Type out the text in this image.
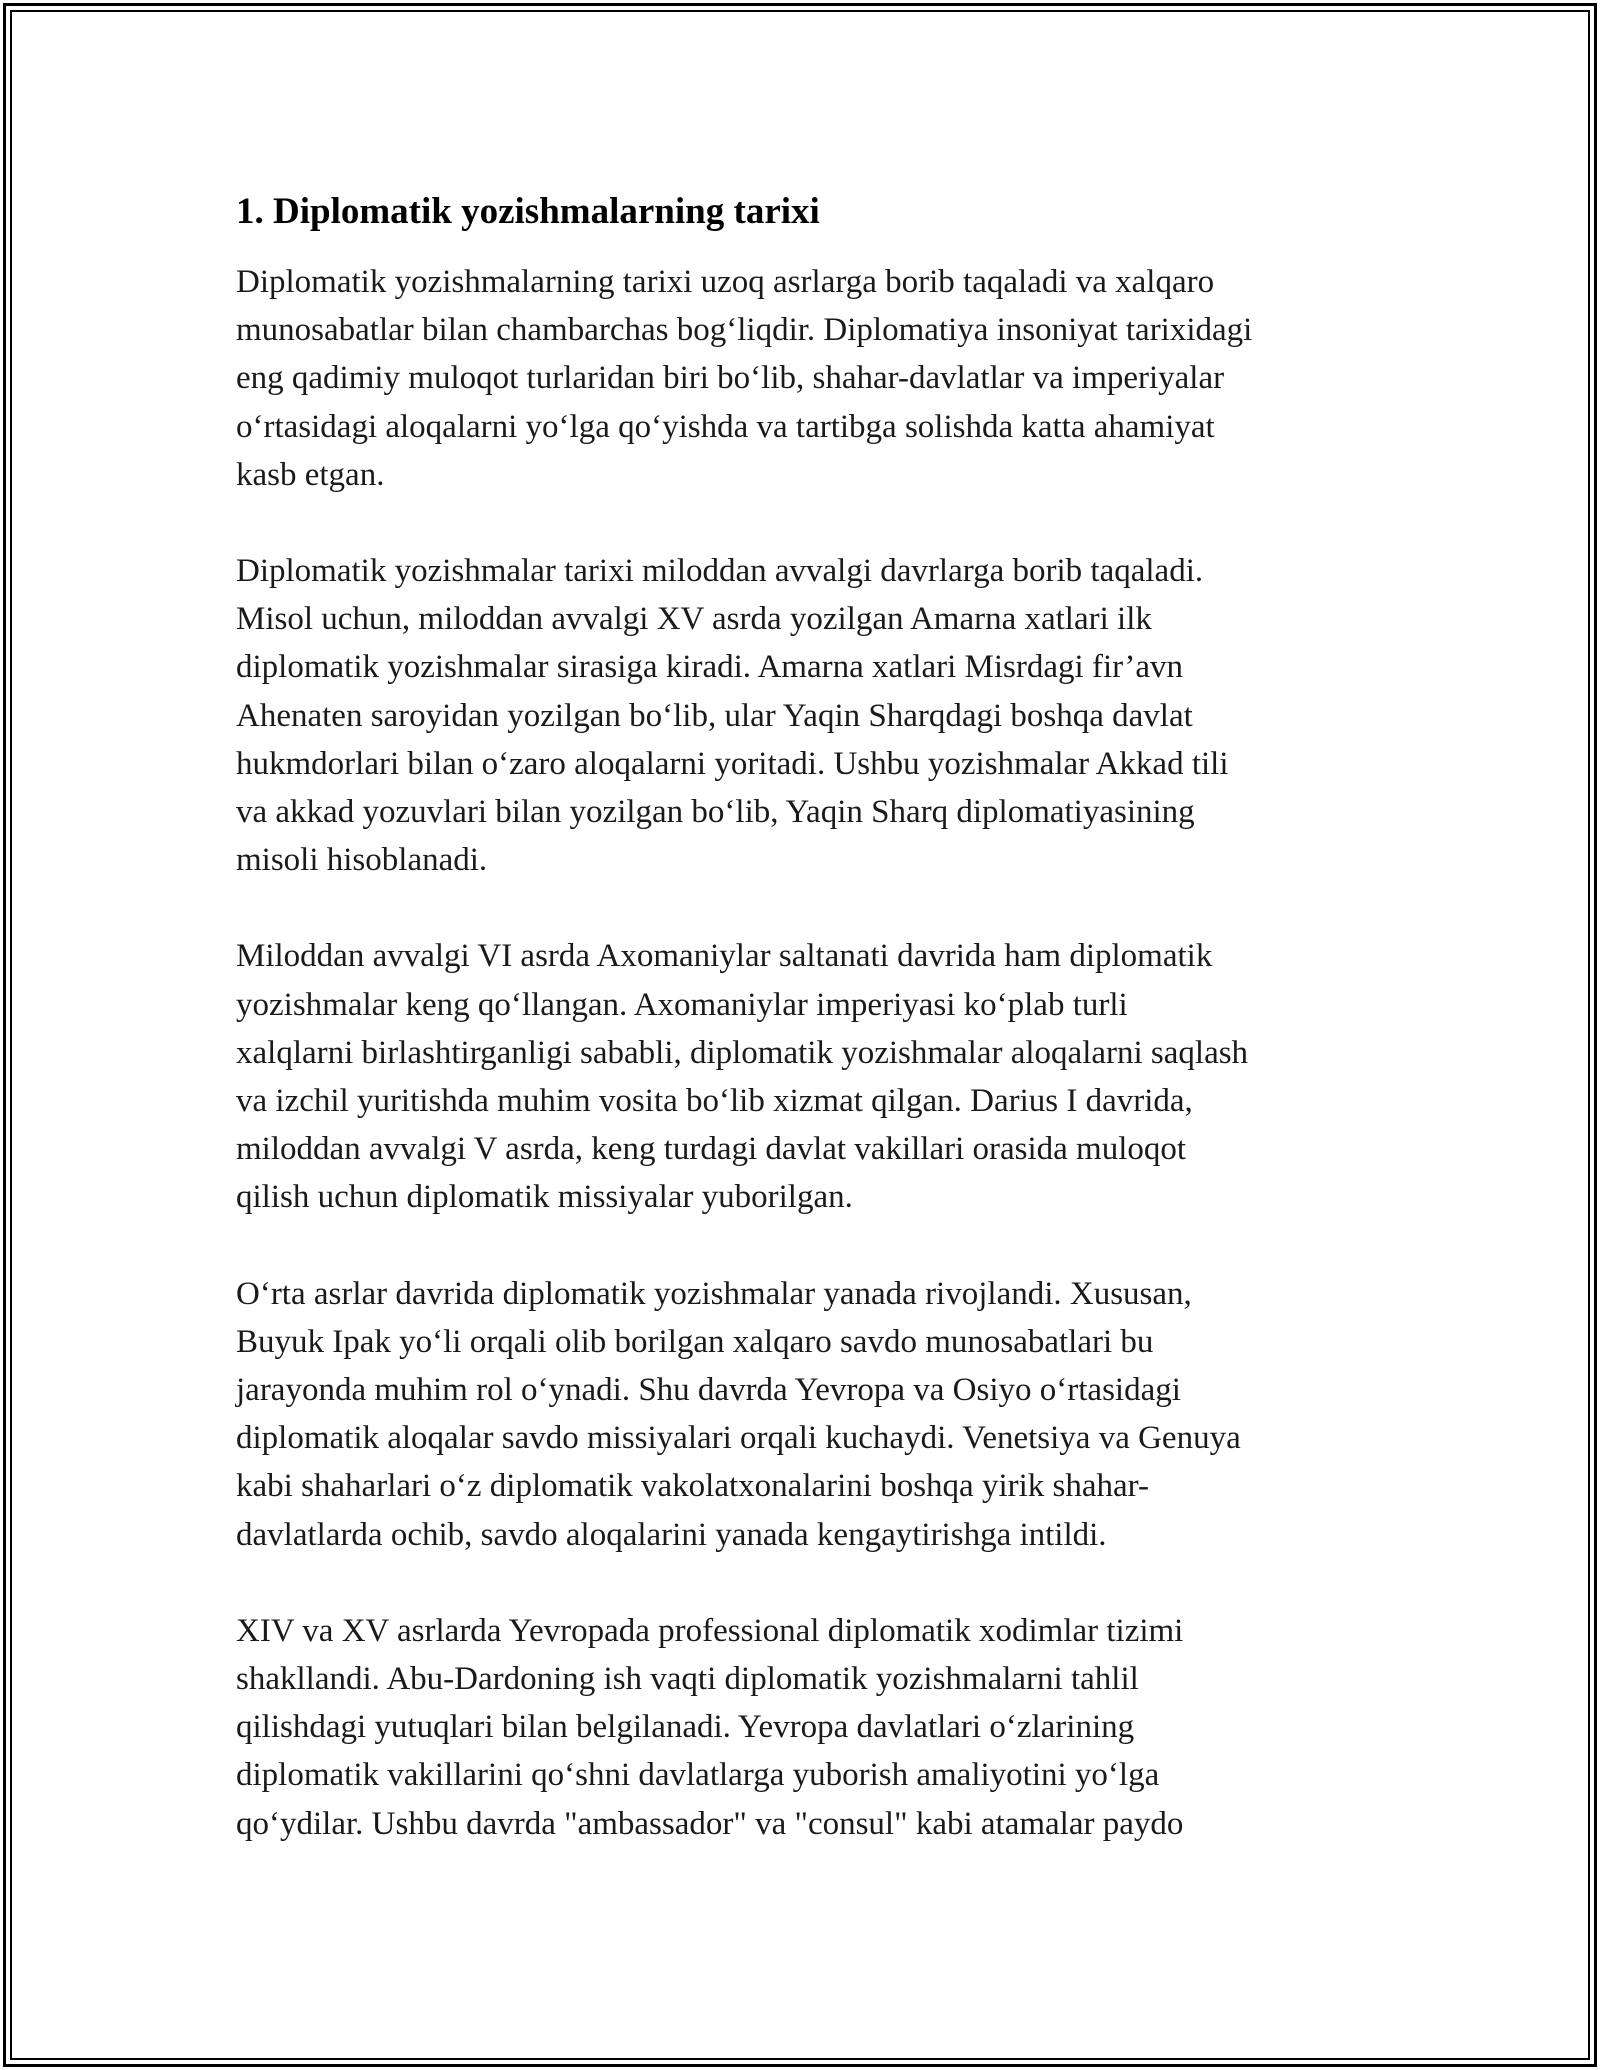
1. Diplomatik yozishmalarning tarixi

Diplomatik yozishmalarning tarixi uzoq asrlarga borib taqaladi va xalqaro
munosabatlar bilan chambarchas bog‘liqdir. Diplomatiya insoniyat tarixidagi
eng qadimiy muloqot turlaridan biri bo‘lib, shahar-davlatlar va imperiyalar
o‘rtasidagi aloqalarni yo‘lga qo‘yishda va tartibga solishda katta ahamiyat
kasb etgan.

Diplomatik yozishmalar tarixi miloddan avvalgi davrlarga borib taqaladi.
Misol uchun, miloddan avvalgi XV asrda yozilgan Amarna xatlari ilk
diplomatik yozishmalar sirasiga kiradi. Amarna xatlari Misrdagi fir’avn
Ahenaten saroyidan yozilgan bo‘lib, ular Yaqin Sharqdagi boshqa davlat
hukmdorlari bilan o‘zaro aloqalarni yoritadi. Ushbu yozishmalar Akkad tili
va akkad yozuvlari bilan yozilgan bo‘lib, Yaqin Sharq diplomatiyasining
misoli hisoblanadi.

Miloddan avvalgi VI asrda Axomaniylar saltanati davrida ham diplomatik
yozishmalar keng qo‘llangan. Axomaniylar imperiyasi ko‘plab turli
xalqlarni birlashtirganligi sababli, diplomatik yozishmalar aloqalarni saqlash
va izchil yuritishda muhim vosita bo‘lib xizmat qilgan. Darius I davrida,
miloddan avvalgi V asrda, keng turdagi davlat vakillari orasida muloqot
qilish uchun diplomatik missiyalar yuborilgan.

O‘rta asrlar davrida diplomatik yozishmalar yanada rivojlandi. Xususan,
Buyuk Ipak yo‘li orqali olib borilgan xalqaro savdo munosabatlari bu
jarayonda muhim rol o‘ynadi. Shu davrda Yevropa va Osiyo o‘rtasidagi
diplomatik aloqalar savdo missiyalari orqali kuchaydi. Venetsiya va Genuya
kabi shaharlari o‘z diplomatik vakolatxonalarini boshqa yirik shahar-
davlatlarda ochib, savdo aloqalarini yanada kengaytirishga intildi.

XIV va XV asrlarda Yevropada professional diplomatik xodimlar tizimi
shakllandi. Abu-Dardoning ish vaqti diplomatik yozishmalarni tahlil
qilishdagi yutuqlari bilan belgilanadi. Yevropa davlatlari o‘zlarining
diplomatik vakillarini qo‘shni davlatlarga yuborish amaliyotini yo‘lga
qo‘ydilar. Ushbu davrda "ambassador" va "consul" kabi atamalar paydo
